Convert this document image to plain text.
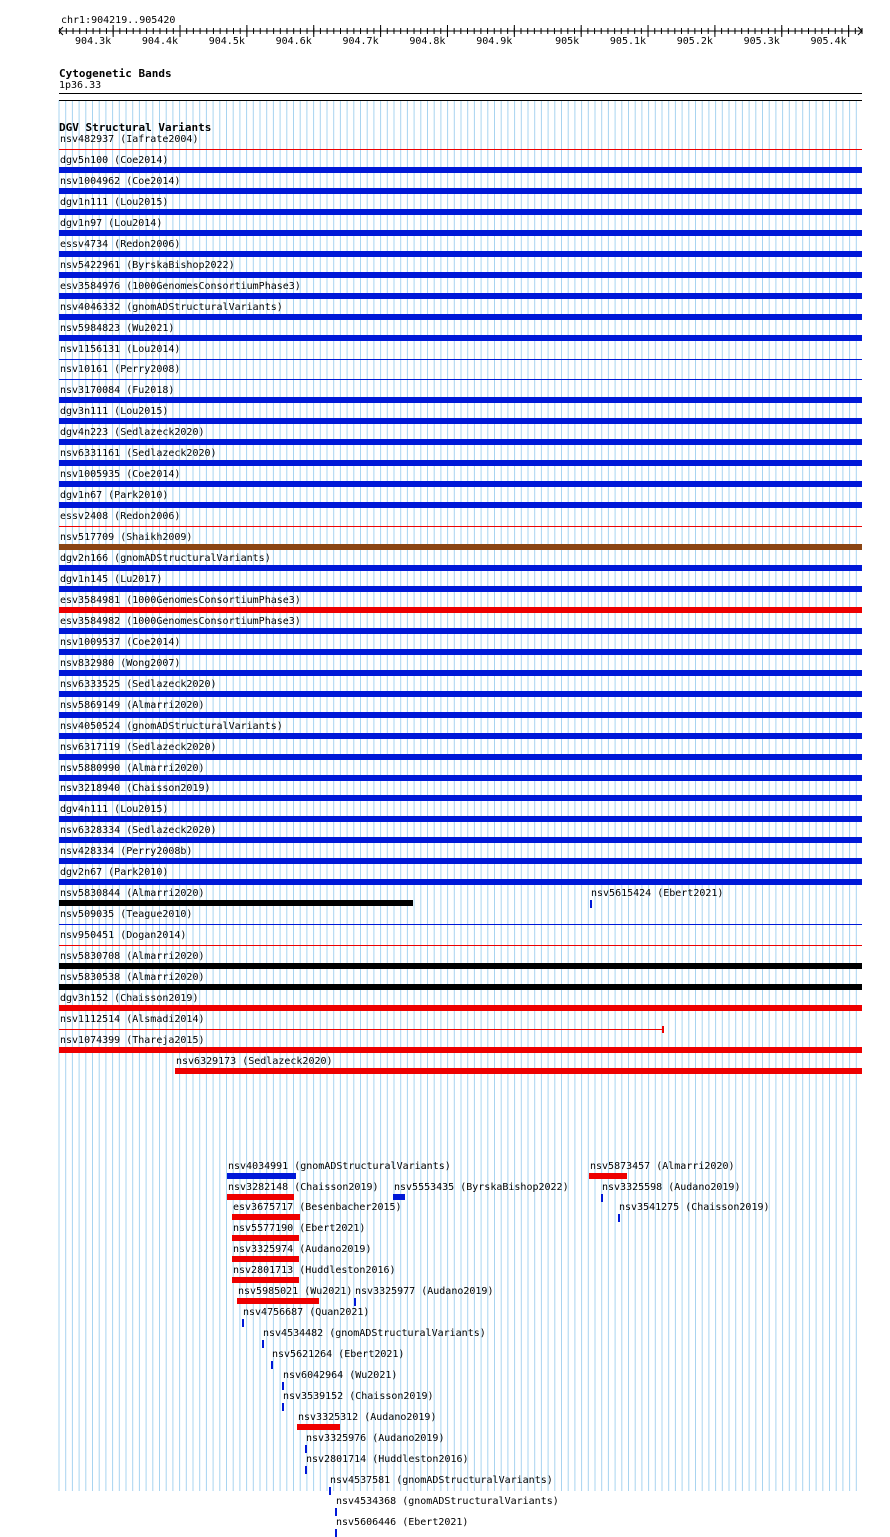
chr1:904219..905420
904.3k	904.4k	904.5k	904.6k	904.7k	904.8k	904.9k	905k	905.1k	905.2k	905.3k	905.4k
Cytogenetic Bands
1p36.33
DGV Structural Variants
nsv482937 (Iafrate2004)
dgv5n100 (Coe2014)
nsv1004962 (Coe2014)
dgv1n111 (Lou2015)
dgv1n97 (Lou2014)
essv4734 (Redon2006)
nsv5422961 (ByrskaBishop2022)
esv3584976 (1000GenomesConsortiumPhase3)
nsv4046332 (gnomADStructuralVariants)
nsv5984823 (Wu2021)
nsv1156131 (Lou2014)
nsv10161 (Perry2008)
nsv3170084 (Fu2018)
dgv3n111 (Lou2015)
dgv4n223 (Sedlazeck2020)
nsv6331161 (Sedlazeck2020)
nsv1005935 (Coe2014)
dgv1n67 (Park2010)
essv2408 (Redon2006)
nsv517709 (Shaikh2009)
dgv2n166 (gnomADStructuralVariants)
dgv1n145 (Lu2017)
esv3584981 (1000GenomesConsortiumPhase3)
esv3584982 (1000GenomesConsortiumPhase3)
nsv1009537 (Coe2014)
nsv832980 (Wong2007)
nsv6333525 (Sedlazeck2020)
nsv5869149 (Almarri2020)
nsv4050524 (gnomADStructuralVariants)
nsv6317119 (Sedlazeck2020)
nsv5880990 (Almarri2020)
nsv3218940 (Chaisson2019)
dgv4n111 (Lou2015)
nsv6328334 (Sedlazeck2020)
nsv428334 (Perry2008b)
dgv2n67 (Park2010)
nsv5830844 (Almarri2020)
nsv509035 (Teague2010)
nsv950451 (Dogan2014)
nsv5830708 (Almarri2020)
nsv5830538 (Almarri2020)
dgv3n152 (Chaisson2019)
nsv1112514 (Alsmadi2014)
nsv1074399 (Thareja2015)
nsv6329173 (Sedlazeck2020)
nsv5615424 (Ebert2021)
nsv4034991 (gnomADStructuralVariants)	nsv5873457 (Almarri2020)
nsv3282148 (Chaisson2019) nsv5553435 (ByrskaBishop2022)	nsv3325598 (Audano2019)
esv3675717 (Besenbacher2015)	nsv3541275 (Chaisson2019)
nsv5577190 (Ebert2021)
nsv3325974 (Audano2019)
nsv2801713 (Huddleston2016)
nsv5985021 (Wu2021) nsv3325977 (Audano2019)
nsv4756687 (Quan2021)
nsv4534482 (gnomADStructuralVariants)
nsv5621264 (Ebert2021)
nsv6042964 (Wu2021)
nsv3539152 (Chaisson2019)
nsv3325312 (Audano2019)
nsv3325976 (Audano2019)
nsv2801714 (Huddleston2016)
nsv4537581 (gnomADStructuralVariants)
nsv4534368 (gnomADStructuralVariants)
nsv5606446 (Ebert2021)
